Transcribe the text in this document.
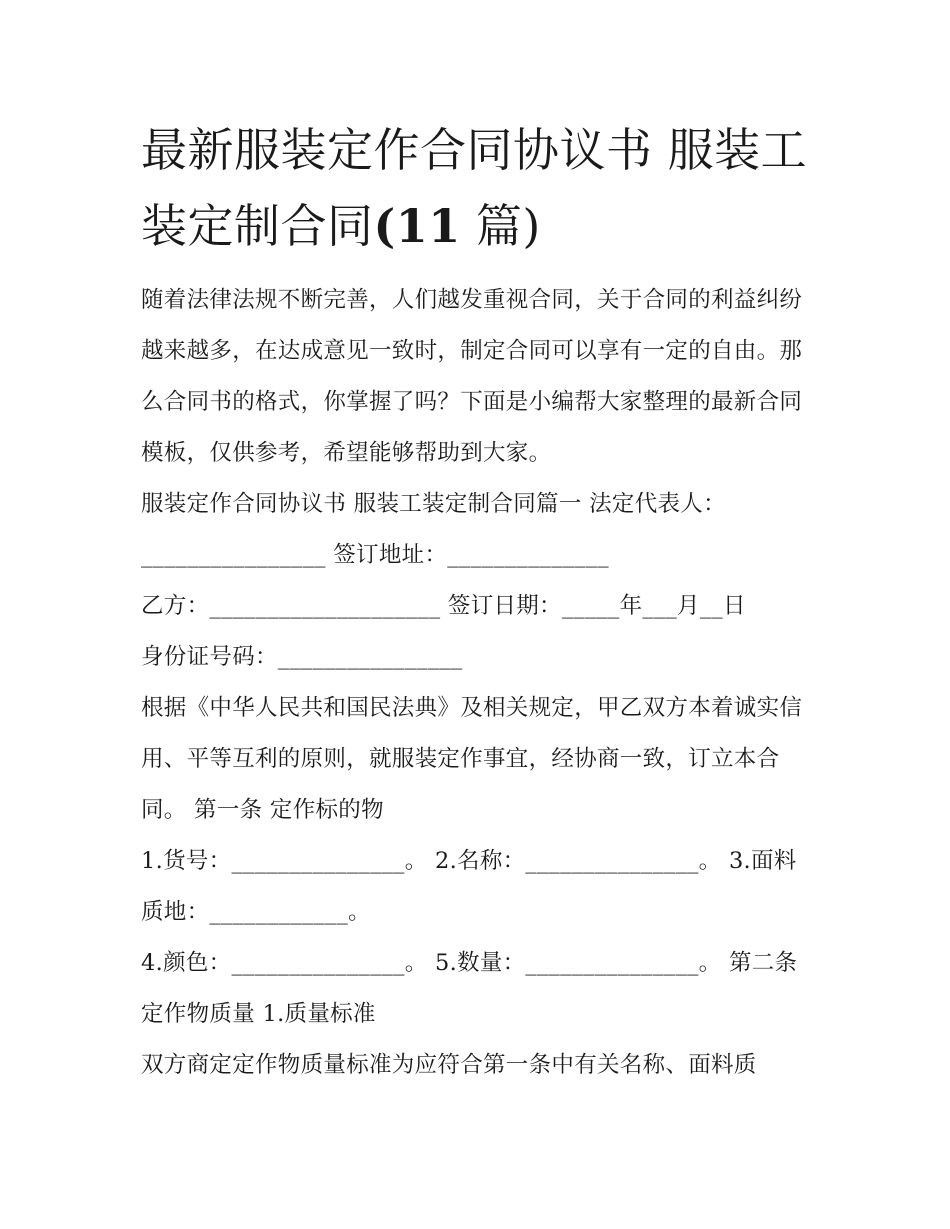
最新服装定作合同协议书 服装工装定制合同(11 篇)

随着法律法规不断完善，人们越发重视合同，关于合同的利益纠纷越来越多，在达成意见一致时，制定合同可以享有一定的自由。那么合同书的格式，你掌握了吗？下面是小编帮大家整理的最新合同模板，仅供参考，希望能够帮助到大家。

服装定作合同协议书 服装工装定制合同篇一 法定代表人：

________________ 签订地址：______________

乙方：____________________ 签订日期：_____年___月__日

身份证号码：________________

根据《中华人民共和国民法典》及相关规定，甲乙双方本着诚实信用、平等互利的原则，就服装定作事宜，经协商一致，订立本合同。 第一条 定作标的物

1.货号：_______________。 2.名称：_______________。 3.面料质地：____________。

4.颜色：_______________。 5.数量：_______________。 第二条 定作物质量 1.质量标准

双方商定定作物质量标准为应符合第一条中有关名称、面料质
